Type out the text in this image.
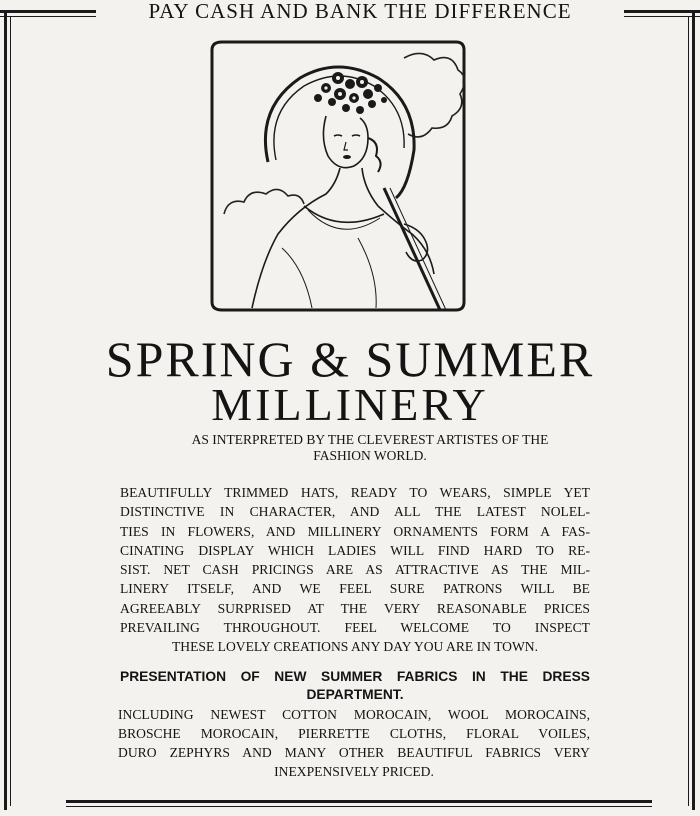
PAY CASH AND BANK THE DIFFERENCE
SPRING & SUMMER
MILLINERY
AS INTERPRETED BY THE CLEVEREST ARTISTES OF THE
FASHION WORLD.
BEAUTIFULLY TRIMMED HATS, READY TO WEARS, SIMPLE YET
DISTINCTIVE IN CHARACTER, AND ALL THE LATEST NOLEL-
TIES IN FLOWERS, AND MILLINERY ORNAMENTS FORM A FAS-
CINATING DISPLAY WHICH LADIES WILL FIND HARD TO RE-
SIST. NET CASH PRICINGS ARE AS ATTRACTIVE AS THE MIL-
LINERY ITSELF, AND WE FEEL SURE PATRONS WILL BE
AGREEABLY SURPRISED AT THE VERY REASONABLE PRICES
PREVAILING THROUGHOUT. FEEL WELCOME TO INSPECT
THESE LOVELY CREATIONS ANY DAY YOU ARE IN TOWN.
PRESENTATION OF NEW SUMMER FABRICS IN THE DRESS
DEPARTMENT.
INCLUDING NEWEST COTTON MOROCAIN, WOOL MOROCAINS,
BROSCHE MOROCAIN, PIERRETTE CLOTHS, FLORAL VOILES,
DURO ZEPHYRS AND MANY OTHER BEAUTIFUL FABRICS VERY
INEXPENSIVELY PRICED.
